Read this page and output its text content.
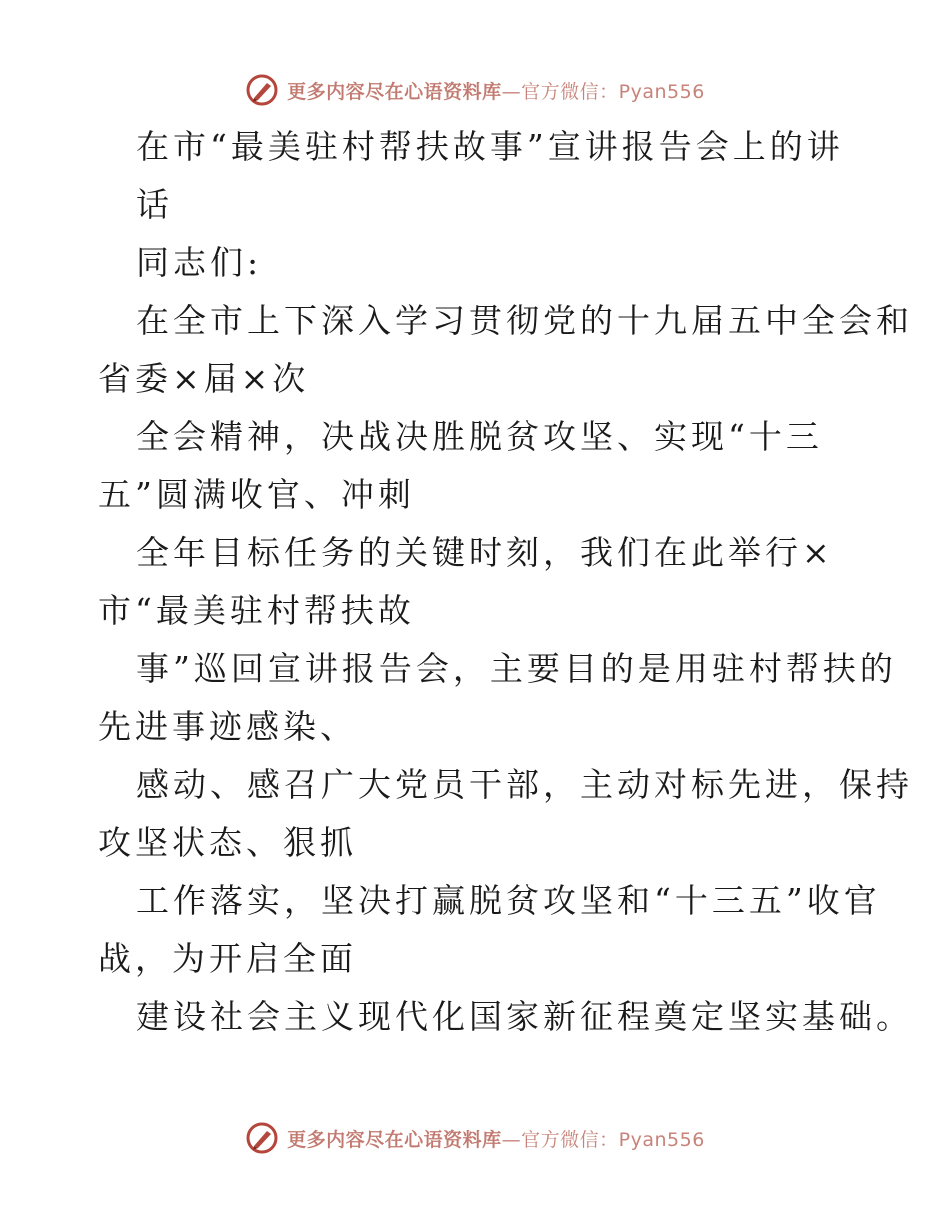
更多内容尽在心语资料库—官方微信：Pyan556
在市“最美驻村帮扶故事”宣讲报告会上的讲
话
同志们:
在全市上下深入学习贯彻党的十九届五中全会和
省委×届×次
全会精神，决战决胜脱贫攻坚、实现“十三
五”圆满收官、冲刺
全年目标任务的关键时刻，我们在此举行×
市“最美驻村帮扶故
事”巡回宣讲报告会，主要目的是用驻村帮扶的
先进事迹感染、
感动、感召广大党员干部，主动对标先进，保持
攻坚状态、狠抓
工作落实，坚决打赢脱贫攻坚和“十三五”收官
战，为开启全面
建设社会主义现代化国家新征程奠定坚实基础。
更多内容尽在心语资料库—官方微信：Pyan556
